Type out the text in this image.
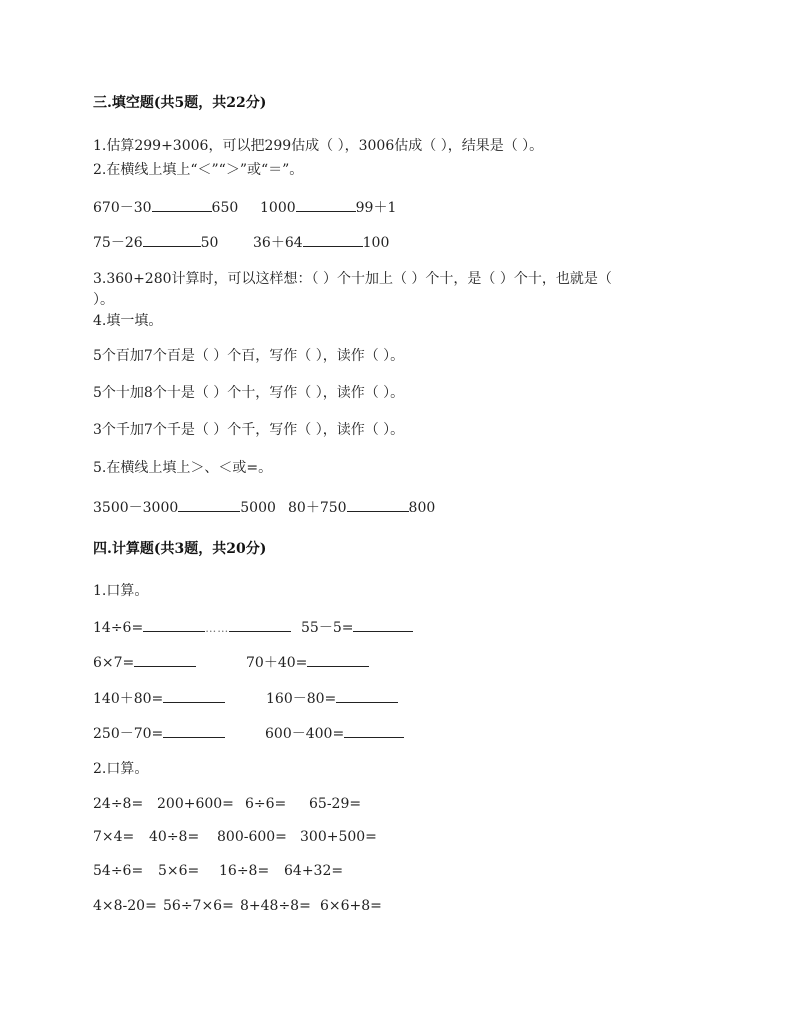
三.填空题(共5题，共22分)
1.估算299+3006，可以把299估成（ ），3006估成（ ），结果是（ ）。
2.在横线上填上“＜”“＞”或“＝”。
670－30	650 1000	99＋1
75－26	50 36＋64	100
3.360+280计算时，可以这样想：（ ）个十加上（ ）个十，是（ ）个十，也就是（
）。
4.填一填。
5个百加7个百是（ ）个百，写作（ ），读作（ ）。
5个十加8个十是（ ）个十，写作（ ），读作（ ）。
3个千加7个千是（ ）个千，写作（ ），读作（ ）。
5.在横线上填上＞、＜或=。
3500－3000	5000 80＋750	800
四.计算题(共3题，共20分)
1.口算。
14÷6=	……	55－5=
6×7=	70＋40=
140＋80=	160－80=
250－70=	600－400=
2.口算。
24÷8= 200+600= 6÷6= 65-29=
7×4= 40÷8= 800-600= 300+500=
54÷6= 5×6= 16÷8= 64+32=
4×8-20= 56÷7×6= 8+48÷8= 6×6+8=
